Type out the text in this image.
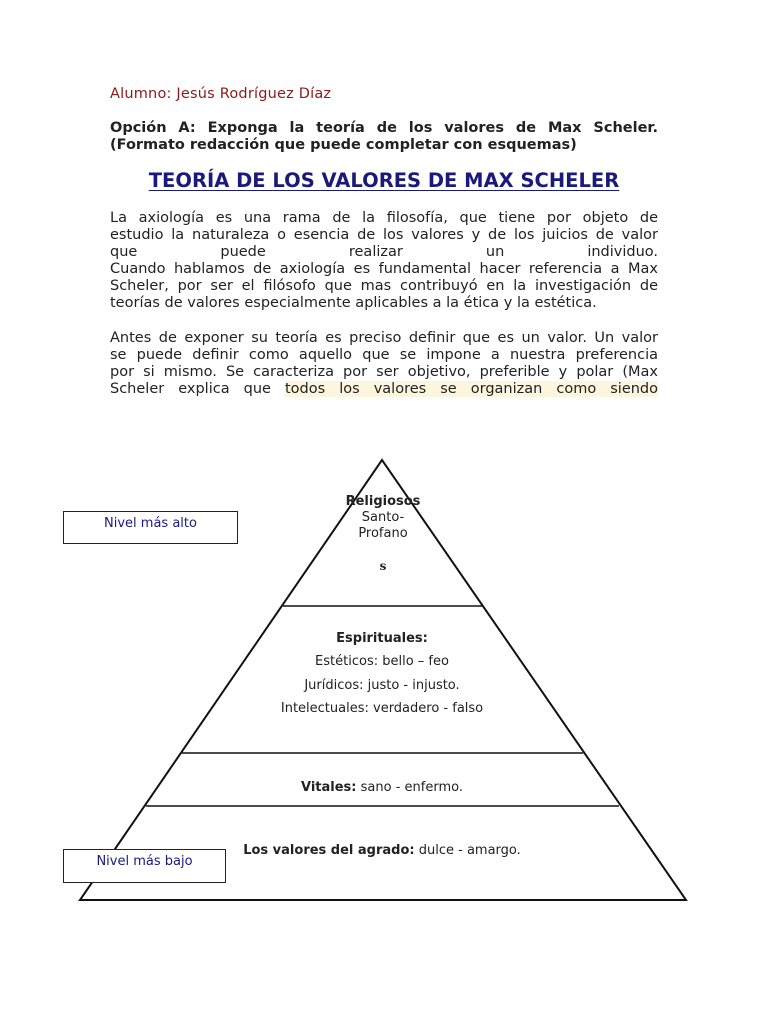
Alumno: Jesús Rodríguez Díaz
Opción A: Exponga la teoría de los valores de Max Scheler.
(Formato redacción que puede completar con esquemas)
TEORÍA DE LOS VALORES DE MAX SCHELER
La axiología es una rama de la filosofía, que tiene por objeto de
estudio la naturaleza o esencia de los valores y de los juicios de valor
que puede realizar un individuo.
Cuando hablamos de axiología es fundamental hacer referencia a Max
Scheler, por ser el filósofo que mas contribuyó en la investigación de
teorías de valores especialmente aplicables a la ética y la estética.
Antes de exponer su teoría es preciso definir que es un valor. Un valor
se puede definir como aquello que se impone a nuestra preferencia
por si mismo. Se caracteriza por ser objetivo, preferible y polar (Max
Scheler explica que todos los valores se organizan como siendo
Religiosos
Santo-
Profano
s
Espirituales:
Estéticos: bello – feo
Jurídicos: justo - injusto.
Intelectuales: verdadero - falso
Vitales: sano - enfermo.
Los valores del agrado: dulce - amargo.
Nivel más alto
Nivel más bajo
